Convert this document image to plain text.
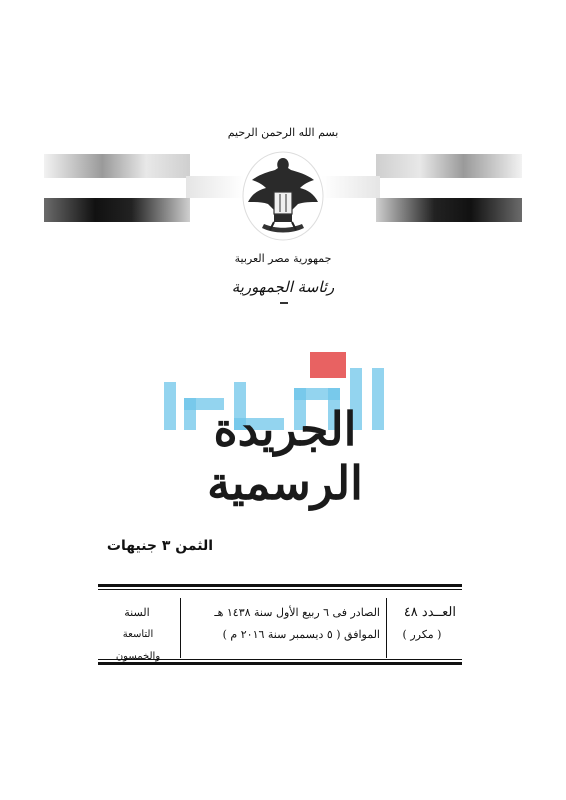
بسم الله الرحمن الرحيم
جمهورية مصر العربية
رئاسة الجمهورية
الجريدة الرسمية
الثمن ٣ جنيهات
العــدد ٤٨
( مكرر )
الصادر فى ٦ ربيع الأول سنة ١٤٣٨ هـ
الموافق ( ٥ ديسمبر سنة ٢٠١٦ م )
السنة
التاسعة والخمسون
